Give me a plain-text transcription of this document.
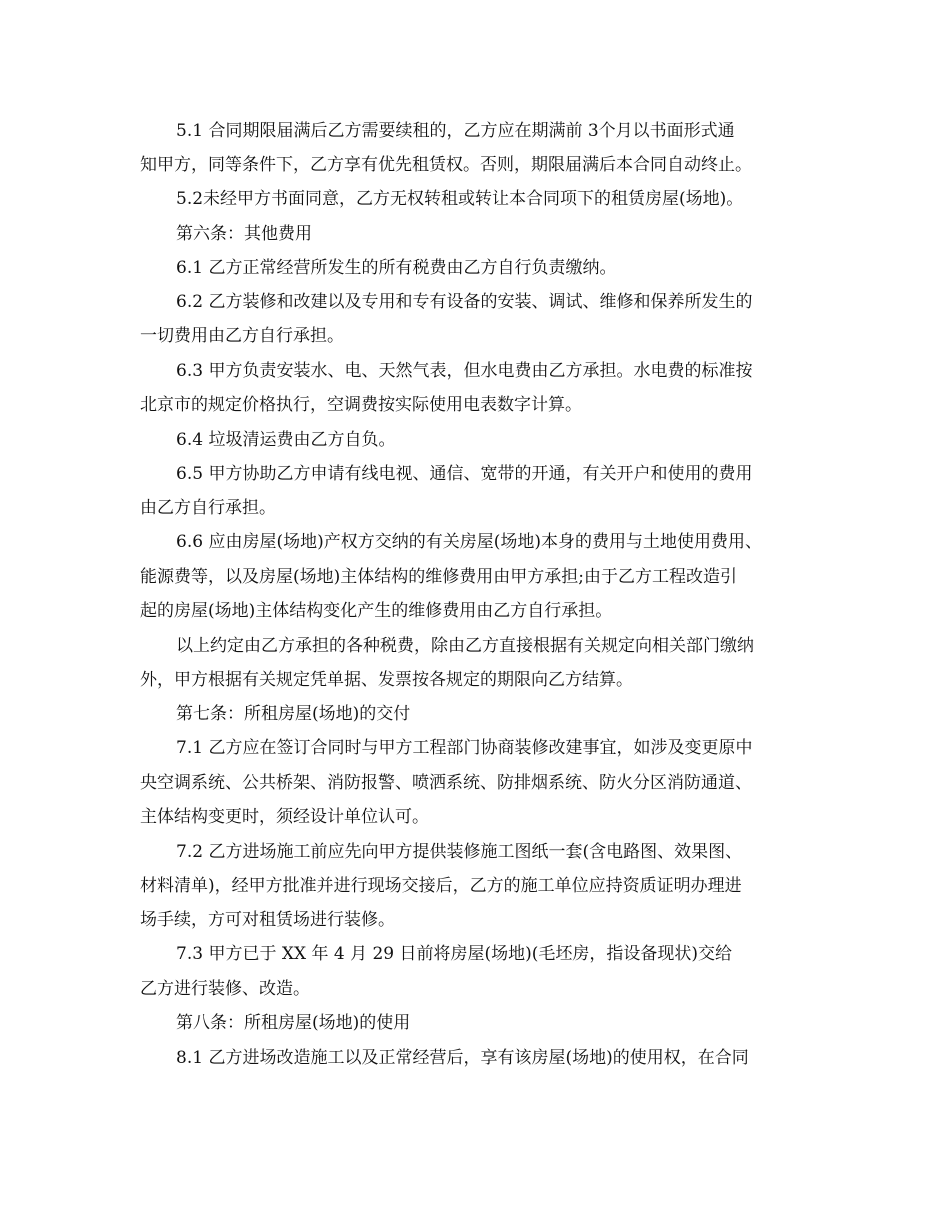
5.1 合同期限届满后乙方需要续租的，乙方应在期满前 3个月以书面形式通

知甲方，同等条件下，乙方享有优先租赁权。否则，期限届满后本合同自动终止。

5.2未经甲方书面同意，乙方无权转租或转让本合同项下的租赁房屋(场地)。

第六条：其他费用

6.1 乙方正常经营所发生的所有税费由乙方自行负责缴纳。

6.2 乙方装修和改建以及专用和专有设备的安装、调试、维修和保养所发生的

一切费用由乙方自行承担。

6.3 甲方负责安装水、电、天然气表，但水电费由乙方承担。水电费的标准按

北京市的规定价格执行，空调费按实际使用电表数字计算。

6.4 垃圾清运费由乙方自负。

6.5 甲方协助乙方申请有线电视、通信、宽带的开通，有关开户和使用的费用

由乙方自行承担。

6.6 应由房屋(场地)产权方交纳的有关房屋(场地)本身的费用与土地使用费用、

能源费等，以及房屋(场地)主体结构的维修费用由甲方承担;由于乙方工程改造引

起的房屋(场地)主体结构变化产生的维修费用由乙方自行承担。

以上约定由乙方承担的各种税费，除由乙方直接根据有关规定向相关部门缴纳

外，甲方根据有关规定凭单据、发票按各规定的期限向乙方结算。

第七条：所租房屋(场地)的交付

7.1 乙方应在签订合同时与甲方工程部门协商装修改建事宜，如涉及变更原中

央空调系统、公共桥架、消防报警、喷洒系统、防排烟系统、防火分区消防通道、

主体结构变更时，须经设计单位认可。

7.2 乙方进场施工前应先向甲方提供装修施工图纸一套(含电路图、效果图、

材料清单)，经甲方批准并进行现场交接后，乙方的施工单位应持资质证明办理进

场手续，方可对租赁场进行装修。

7.3 甲方已于 XX 年 4 月 29 日前将房屋(场地)(毛坯房，指设备现状)交给

乙方进行装修、改造。

第八条：所租房屋(场地)的使用

8.1 乙方进场改造施工以及正常经营后，享有该房屋(场地)的使用权，在合同
